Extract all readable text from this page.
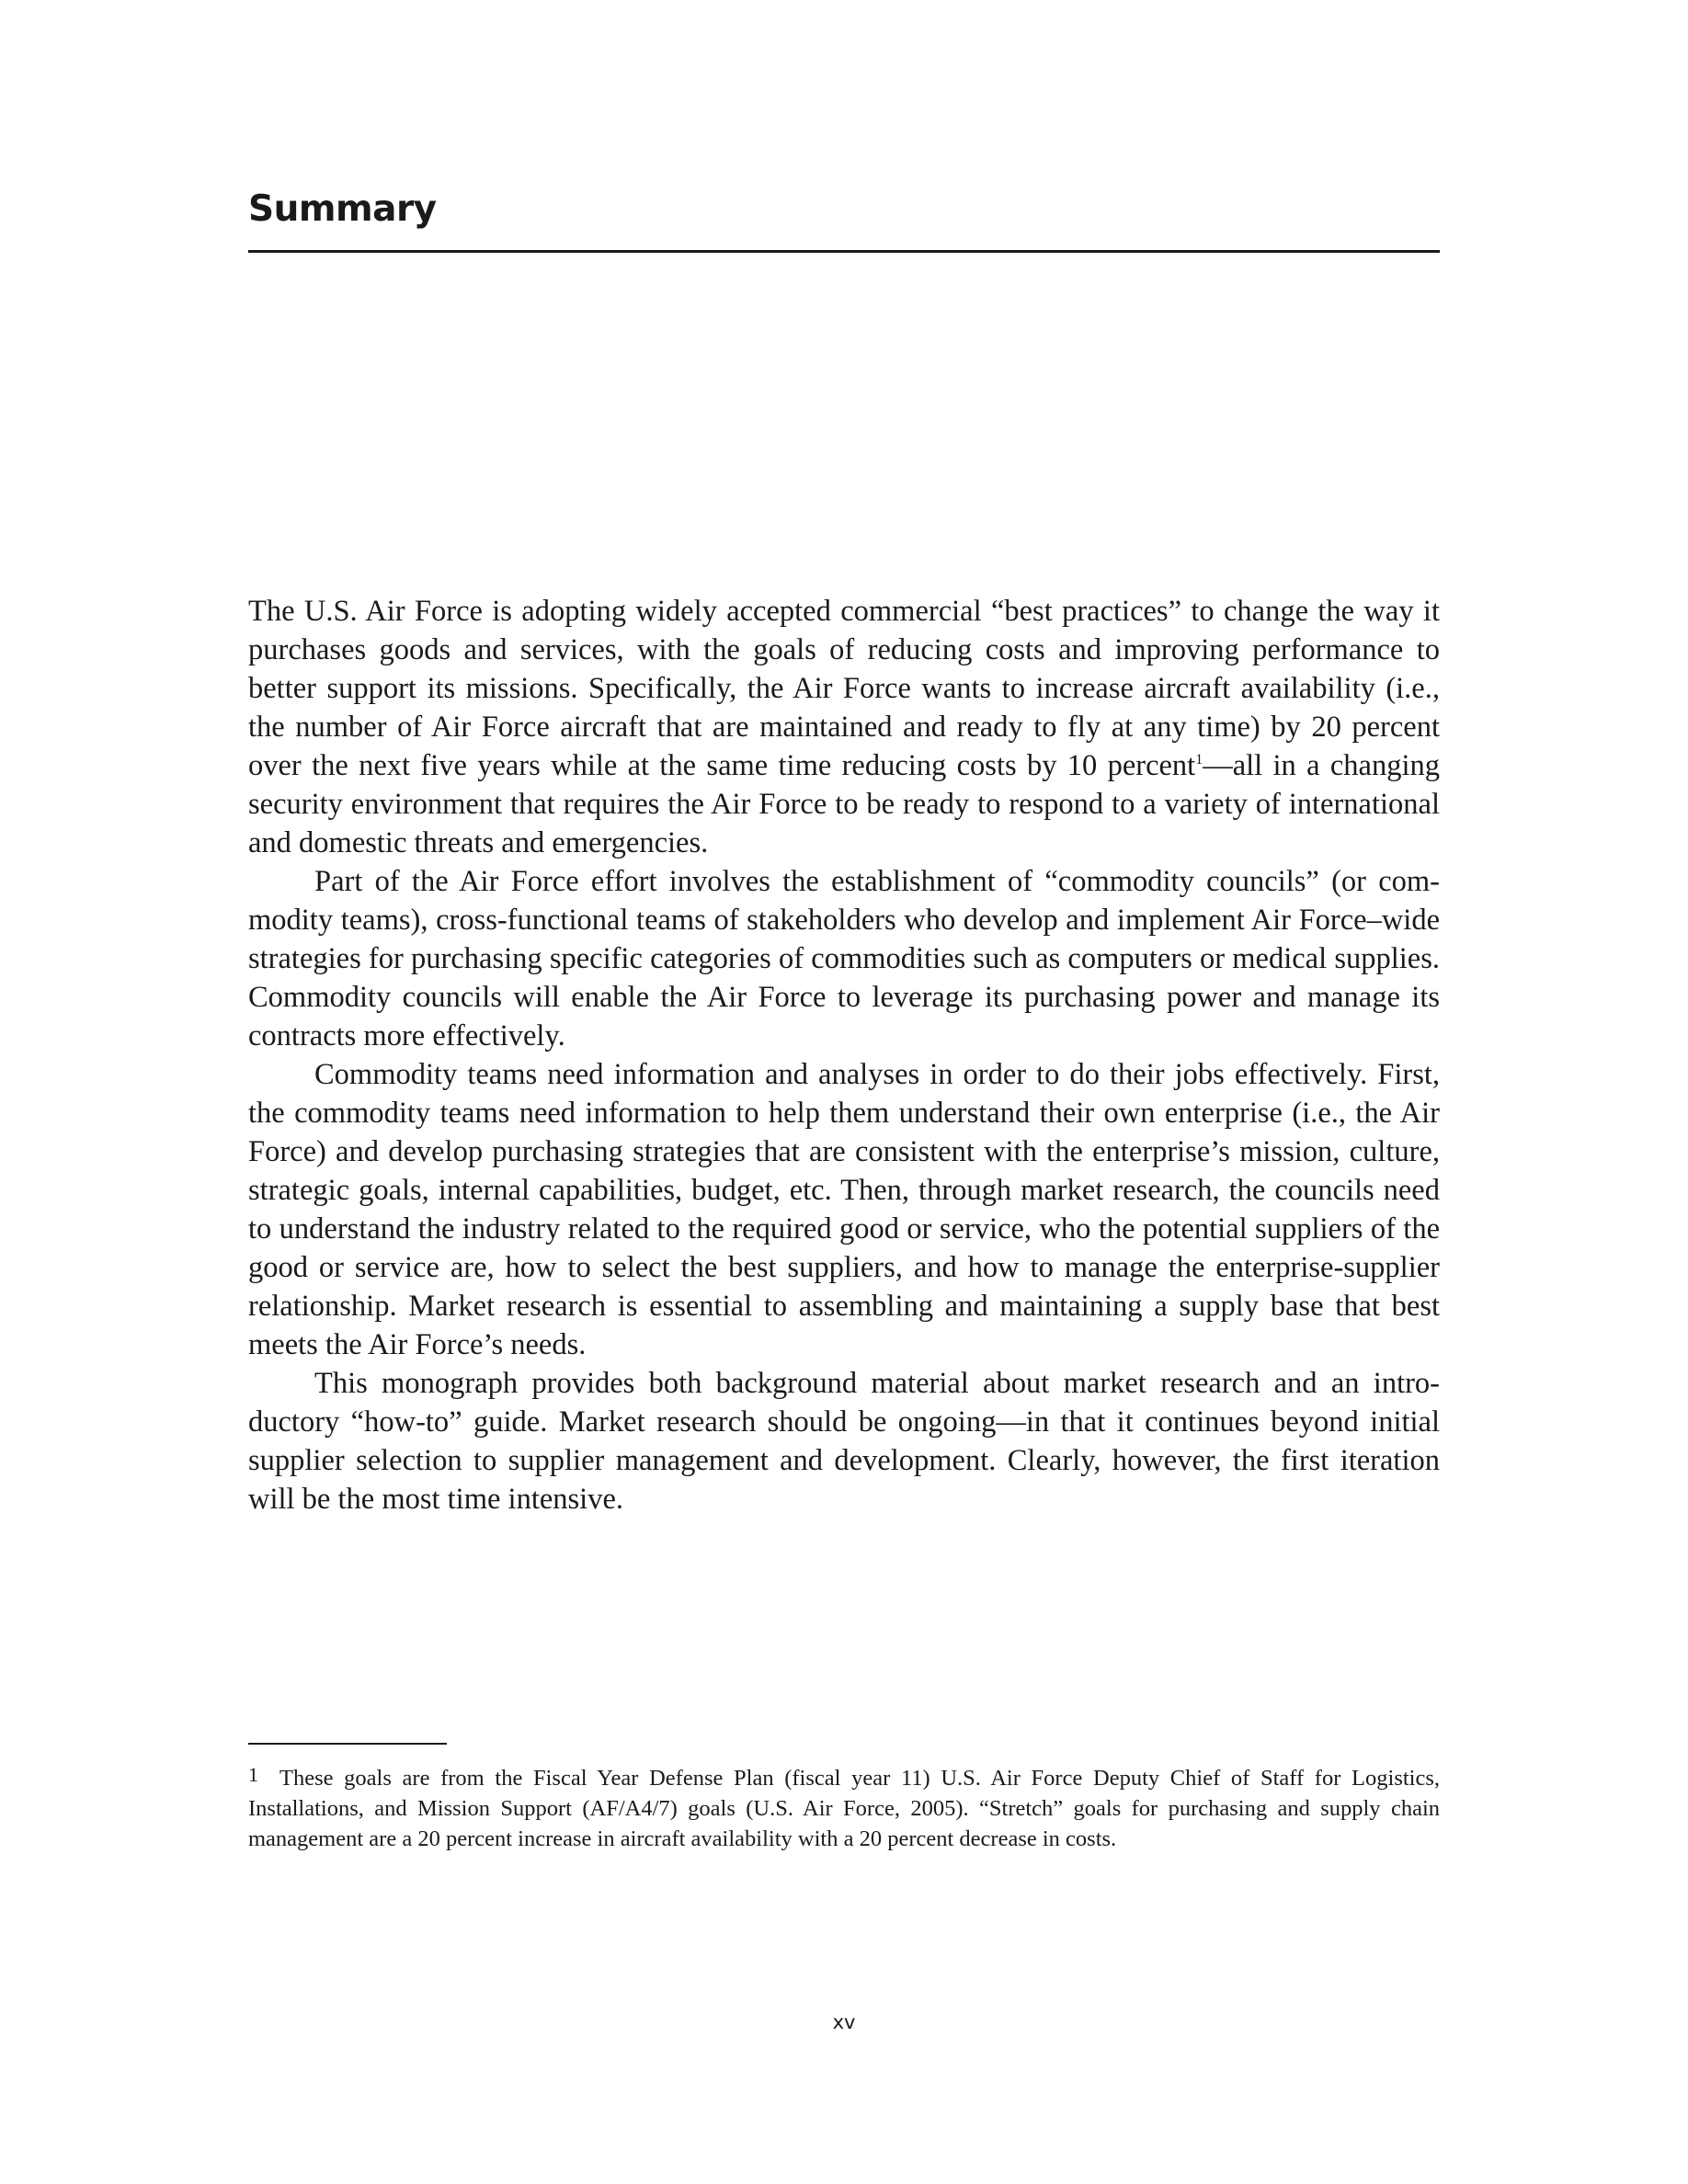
Summary

The U.S. Air Force is adopting widely accepted commercial “best practices” to change the way it purchases goods and services, with the goals of reducing costs and improving performance to better support its missions. Specifically, the Air Force wants to increase aircraft availability (i.e., the number of Air Force aircraft that are maintained and ready to fly at any time) by 20 percent over the next five years while at the same time reducing costs by 10 percent$^1$—all in a changing security environment that requires the Air Force to be ready to respond to a variety of international and domestic threats and emergencies.

Part of the Air Force effort involves the establishment of “commodity councils” (or commodity teams), cross-functional teams of stakeholders who develop and implement Air Force–wide strategies for purchasing specific categories of commodities such as computers or medical supplies. Commodity councils will enable the Air Force to leverage its purchasing power and manage its contracts more effectively.

Commodity teams need information and analyses in order to do their jobs effectively. First, the commodity teams need information to help them understand their own enterprise (i.e., the Air Force) and develop purchasing strategies that are consistent with the enterprise’s mission, culture, strategic goals, internal capabilities, budget, etc. Then, through market research, the councils need to understand the industry related to the required good or service, who the potential suppliers of the good or service are, how to select the best suppliers, and how to manage the enterprise-supplier relationship. Market research is essential to assembling and maintaining a supply base that best meets the Air Force’s needs.

This monograph provides both background material about market research and an introductory “how-to” guide. Market research should be ongoing—in that it continues beyond initial supplier selection to supplier management and development. Clearly, however, the first iteration will be the most time intensive.

1 These goals are from the Fiscal Year Defense Plan (fiscal year 11) U.S. Air Force Deputy Chief of Staff for Logistics, Installations, and Mission Support (AF/A4/7) goals (U.S. Air Force, 2005). “Stretch” goals for purchasing and supply chain management are a 20 percent increase in aircraft availability with a 20 percent decrease in costs.

xv
